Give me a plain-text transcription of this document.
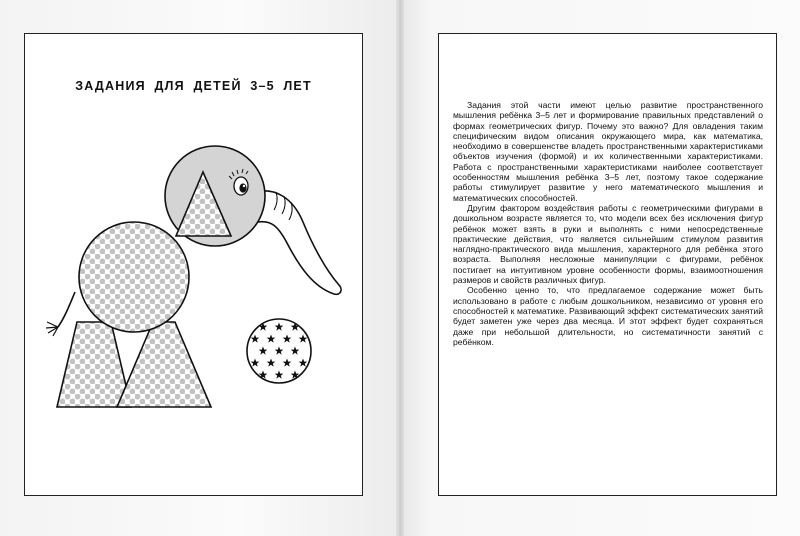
ЗАДАНИЯ ДЛЯ ДЕТЕЙ 3–5 ЛЕТ

Задания этой части имеют целью развитие пространственного мышления ребёнка 3–5 лет и формирование правильных представлений о формах геометрических фигур. Почему это важно? Для овладения таким специфическим видом описания окружающего мира, как математика, необходимо в совершенстве владеть пространственными характеристиками объектов изучения (формой) и их количественными характеристиками. Работа с пространственными характеристиками наиболее соответствует особенностям мышления ребёнка 3–5 лет, поэтому такое содержание работы стимулирует развитие у него математического мышления и математических способностей.

Другим фактором воздействия работы с геометрическими фигурами в дошкольном возрасте является то, что модели всех без исключения фигур ребёнок может взять в руки и выполнять с ними непосредственные практические действия, что является сильнейшим стимулом развития наглядно-практического вида мышления, характерного для ребёнка этого возраста. Выполняя несложные манипуляции с фигурами, ребёнок постигает на интуитивном уровне особенности формы, взаимоотношения размеров и свойств различных фигур.

Особенно ценно то, что предлагаемое содержание может быть использовано в работе с любым дошкольником, независимо от уровня его способностей к математике. Развивающий эффект систематических занятий будет заметен уже через два месяца. И этот эффект будет сохраняться даже при небольшой длительности, но систематичности занятий с ребёнком.
